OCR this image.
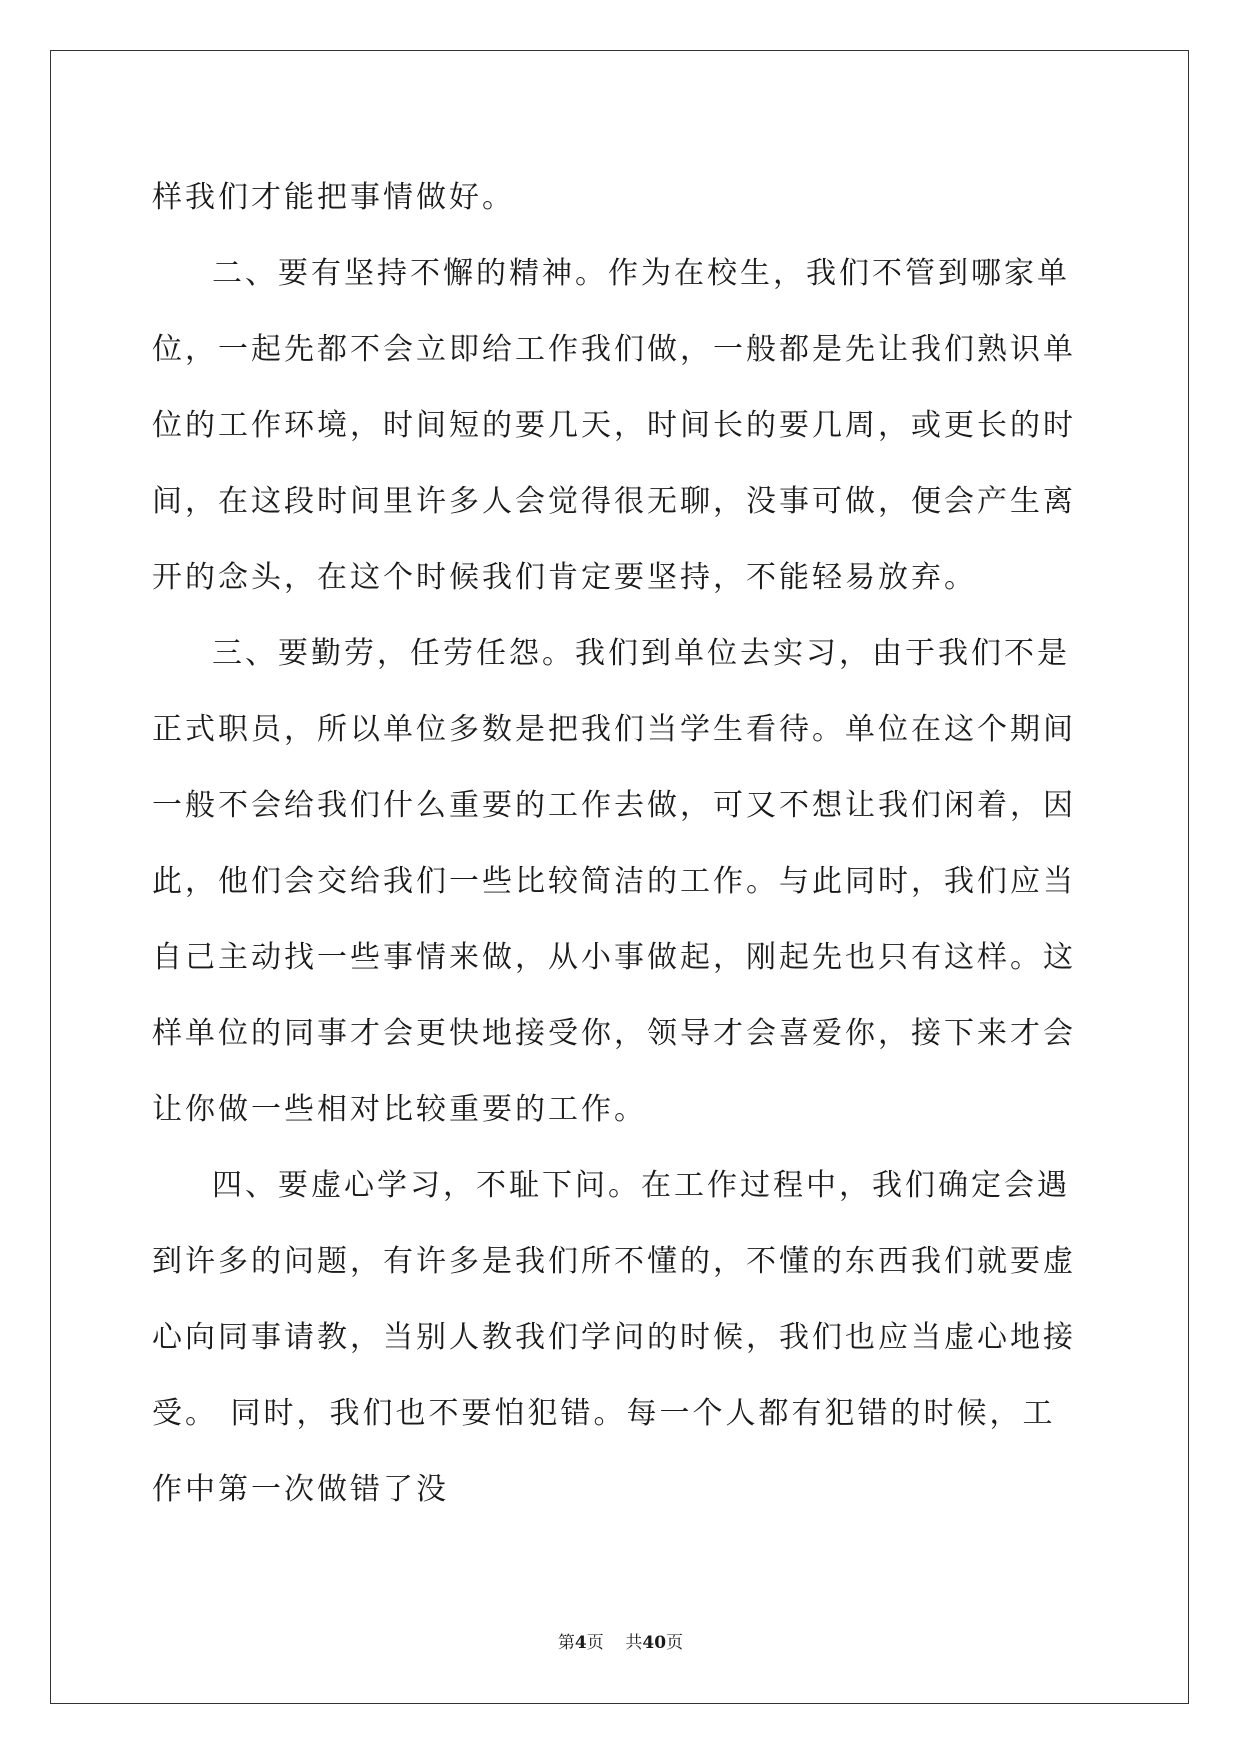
样我们才能把事情做好。

二、要有坚持不懈的精神。作为在校生，我们不管到哪家单位，一起先都不会立即给工作我们做，一般都是先让我们熟识单位的工作环境，时间短的要几天，时间长的要几周，或更长的时间，在这段时间里许多人会觉得很无聊，没事可做，便会产生离开的念头，在这个时候我们肯定要坚持，不能轻易放弃。

三、要勤劳，任劳任怨。我们到单位去实习，由于我们不是正式职员，所以单位多数是把我们当学生看待。单位在这个期间一般不会给我们什么重要的工作去做，可又不想让我们闲着，因此，他们会交给我们一些比较简洁的工作。与此同时，我们应当自己主动找一些事情来做，从小事做起，刚起先也只有这样。这样单位的同事才会更快地接受你，领导才会喜爱你，接下来才会让你做一些相对比较重要的工作。

四、要虚心学习，不耻下问。在工作过程中，我们确定会遇到许多的问题，有许多是我们所不懂的，不懂的东西我们就要虚心向同事请教，当别人教我们学问的时候，我们也应当虚心地接受。 同时，我们也不要怕犯错。每一个人都有犯错的时候，工作中第一次做错了没

第4页 共40页
